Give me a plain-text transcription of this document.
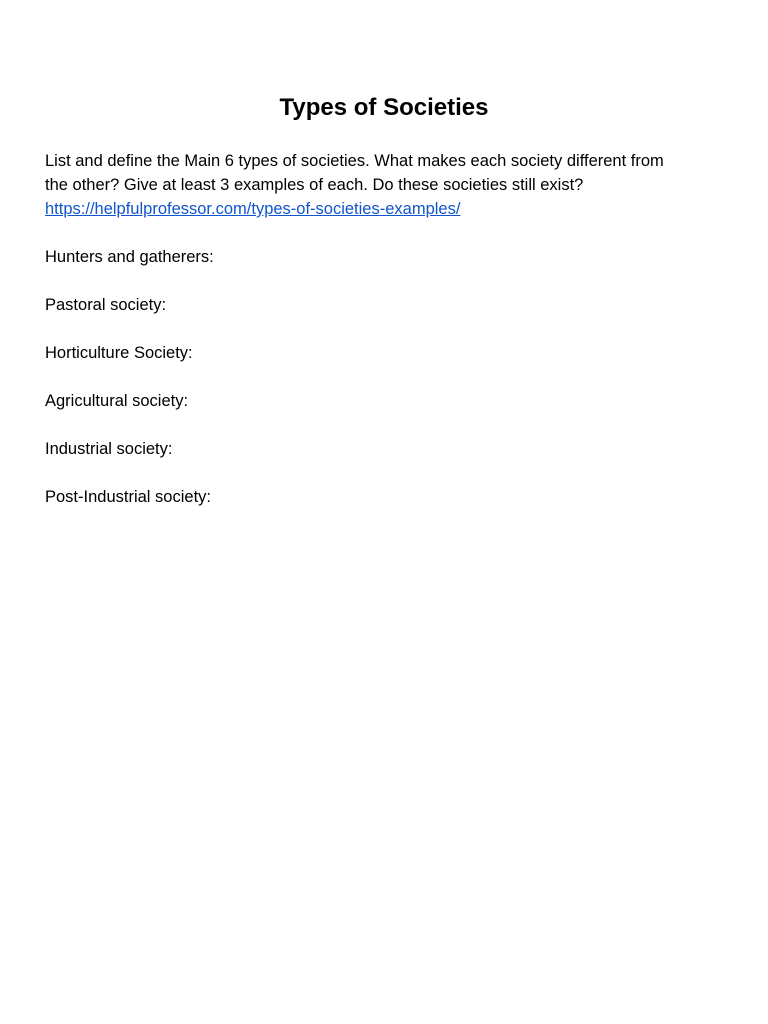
Types of Societies
List and define the Main 6 types of societies. What makes each society different from
the other? Give at least 3 examples of each. Do these societies still exist?
https://helpfulprofessor.com/types-of-societies-examples/

Hunters and gatherers:

Pastoral society:

Horticulture Society:

Agricultural society:

Industrial society:

Post-Industrial society:
